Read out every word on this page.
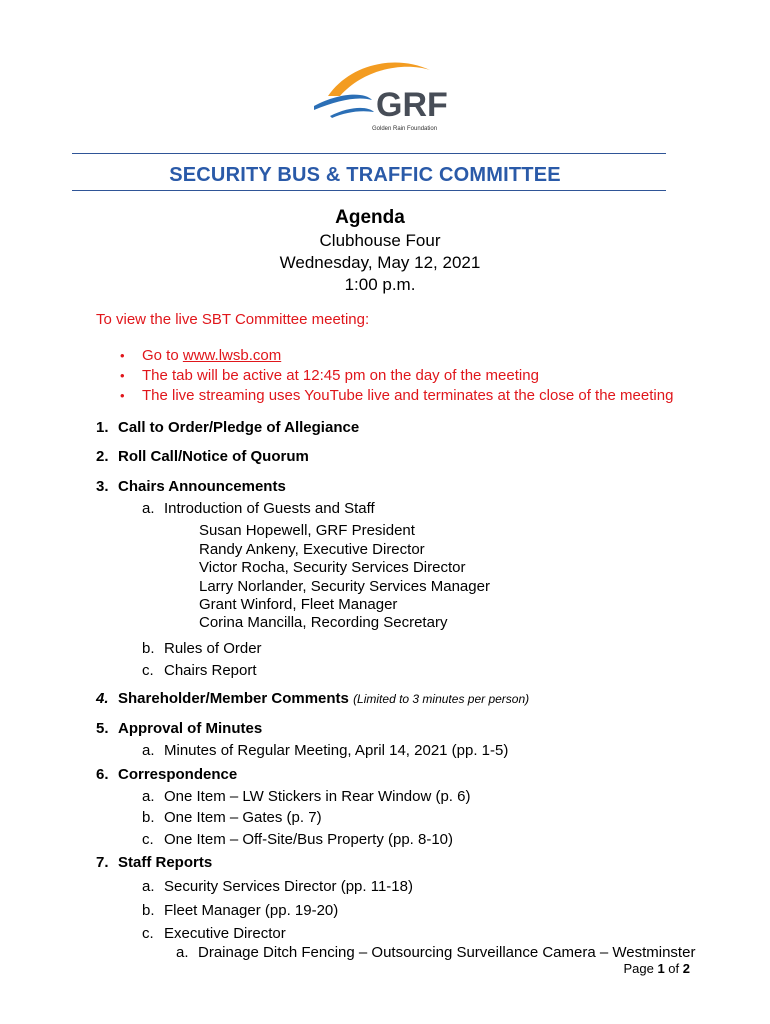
GRF
Golden Rain Foundation
SECURITY BUS & TRAFFIC COMMITTEE
Agenda
Clubhouse Four
Wednesday, May 12, 2021
1:00 p.m.
To view the live SBT Committee meeting:
• Go to www.lwsb.com
• The tab will be active at 12:45 pm on the day of the meeting
• The live streaming uses YouTube live and terminates at the close of the meeting
1. Call to Order/Pledge of Allegiance
2. Roll Call/Notice of Quorum
3. Chairs Announcements
a. Introduction of Guests and Staff
Susan Hopewell, GRF President
Randy Ankeny, Executive Director
Victor Rocha, Security Services Director
Larry Norlander, Security Services Manager
Grant Winford, Fleet Manager
Corina Mancilla, Recording Secretary
b. Rules of Order
c. Chairs Report
4. Shareholder/Member Comments (Limited to 3 minutes per person)
5. Approval of Minutes
a. Minutes of Regular Meeting, April 14, 2021 (pp. 1-5)
6. Correspondence
a. One Item – LW Stickers in Rear Window (p. 6)
b. One Item – Gates (p. 7)
c. One Item – Off-Site/Bus Property (pp. 8-10)
7. Staff Reports
a. Security Services Director (pp. 11-18)
b. Fleet Manager (pp. 19-20)
c. Executive Director
a. Drainage Ditch Fencing – Outsourcing Surveillance Camera – Westminster
Page 1 of 2
